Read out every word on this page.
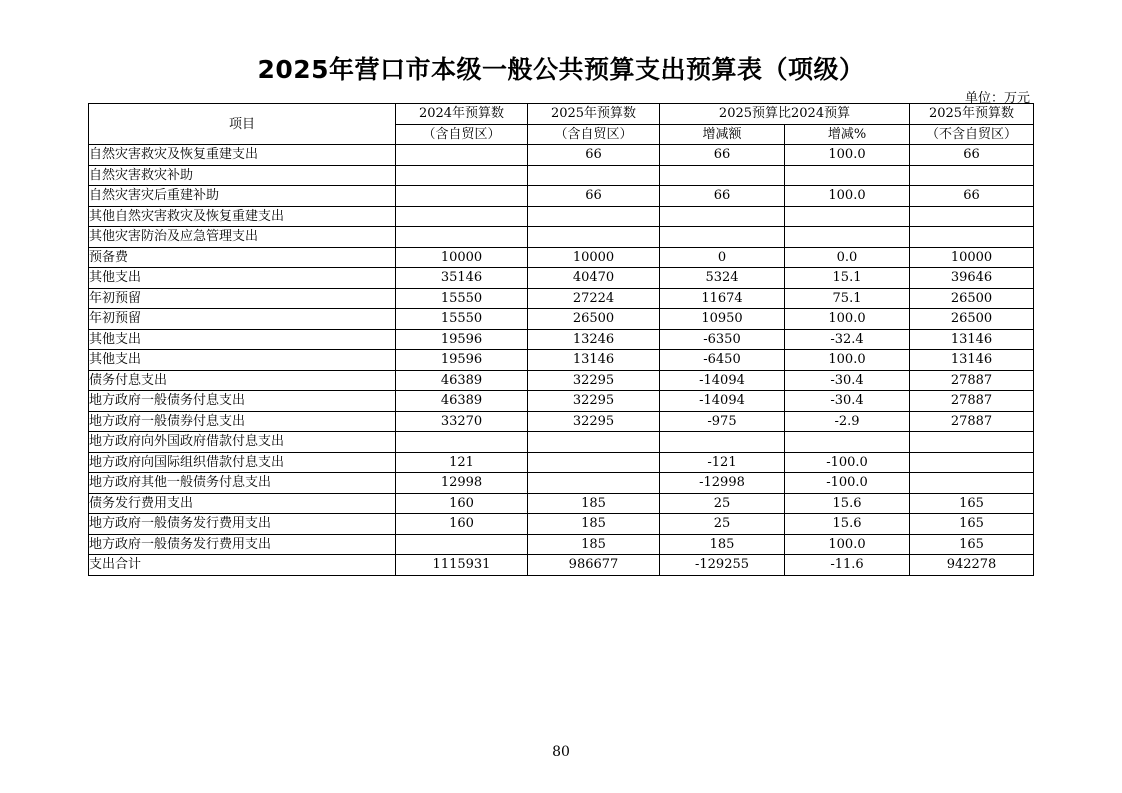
2025年营口市本级一般公共预算支出预算表（项级）
单位：万元
项目	2024年预算数	2025年预算数	2025预算比2024预算		2025年预算数
	（含自贸区）	（含自贸区）	增减额	增减%	（不含自贸区）
自然灾害救灾及恢复重建支出		66	66	100.0	66
自然灾害救灾补助					
自然灾害灾后重建补助		66	66	100.0	66
其他自然灾害救灾及恢复重建支出					
其他灾害防治及应急管理支出					
预备费	10000	10000	0	0.0	10000
其他支出	35146	40470	5324	15.1	39646
年初预留	15550	27224	11674	75.1	26500
年初预留	15550	26500	10950	100.0	26500
其他支出	19596	13246	-6350	-32.4	13146
其他支出	19596	13146	-6450	100.0	13146
债务付息支出	46389	32295	-14094	-30.4	27887
地方政府一般债务付息支出	46389	32295	-14094	-30.4	27887
地方政府一般债券付息支出	33270	32295	-975	-2.9	27887
地方政府向外国政府借款付息支出					
地方政府向国际组织借款付息支出	121		-121	-100.0	
地方政府其他一般债务付息支出	12998		-12998	-100.0	
债务发行费用支出	160	185	25	15.6	165
地方政府一般债务发行费用支出	160	185	25	15.6	165
地方政府一般债务发行费用支出		185	185	100.0	165
支出合计	1115931	986677	-129255	-11.6	942278
80
